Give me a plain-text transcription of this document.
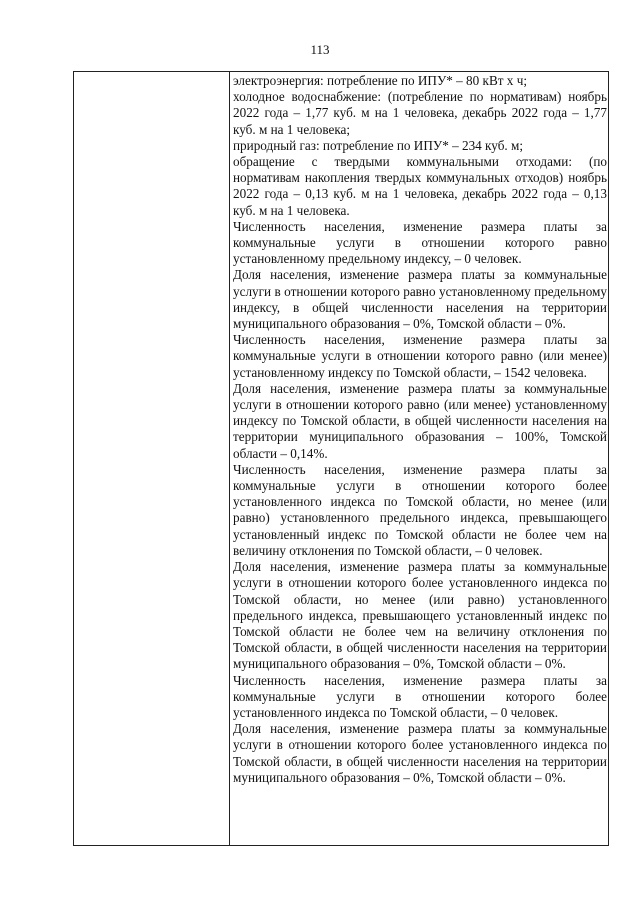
113

электроэнергия: потребление по ИПУ* – 80 кВт х ч;

холодное водоснабжение: (потребление по нормативам) ноябрь 2022 года – 1,77 куб. м на 1 человека, декабрь 2022 года – 1,77 куб. м на 1 человека;

природный газ: потребление по ИПУ* – 234 куб. м;

обращение с твердыми коммунальными отходами: (по нормативам накопления твердых коммунальных отходов) ноябрь 2022 года – 0,13 куб. м на 1 человека, декабрь 2022 года – 0,13 куб. м на 1 человека.

Численность населения, изменение размера платы за коммунальные услуги в отношении которого равно установленному предельному индексу, – 0 человек.

Доля населения, изменение размера платы за коммунальные услуги в отношении которого равно установленному предельному индексу, в общей численности населения на территории муниципального образования – 0%, Томской области – 0%.

Численность населения, изменение размера платы за коммунальные услуги в отношении которого равно (или менее) установленному индексу по Томской области, – 1542 человека.

Доля населения, изменение размера платы за коммунальные услуги в отношении которого равно (или менее) установленному индексу по Томской области, в общей численности населения на территории муниципального образования – 100%, Томской области – 0,14%.

Численность населения, изменение размера платы за коммунальные услуги в отношении которого более установленного индекса по Томской области, но менее (или равно) установленного предельного индекса, превышающего установленный индекс по Томской области не более чем на величину отклонения по Томской области, – 0 человек.

Доля населения, изменение размера платы за коммунальные услуги в отношении которого более установленного индекса по Томской области, но менее (или равно) установленного предельного индекса, превышающего установленный индекс по Томской области не более чем на величину отклонения по Томской области, в общей численности населения на территории муниципального образования – 0%, Томской области – 0%.

Численность населения, изменение размера платы за коммунальные услуги в отношении которого более установленного индекса по Томской области, – 0 человек.

Доля населения, изменение размера платы за коммунальные услуги в отношении которого более установленного индекса по Томской области, в общей численности населения на территории муниципального образования – 0%, Томской области – 0%.
